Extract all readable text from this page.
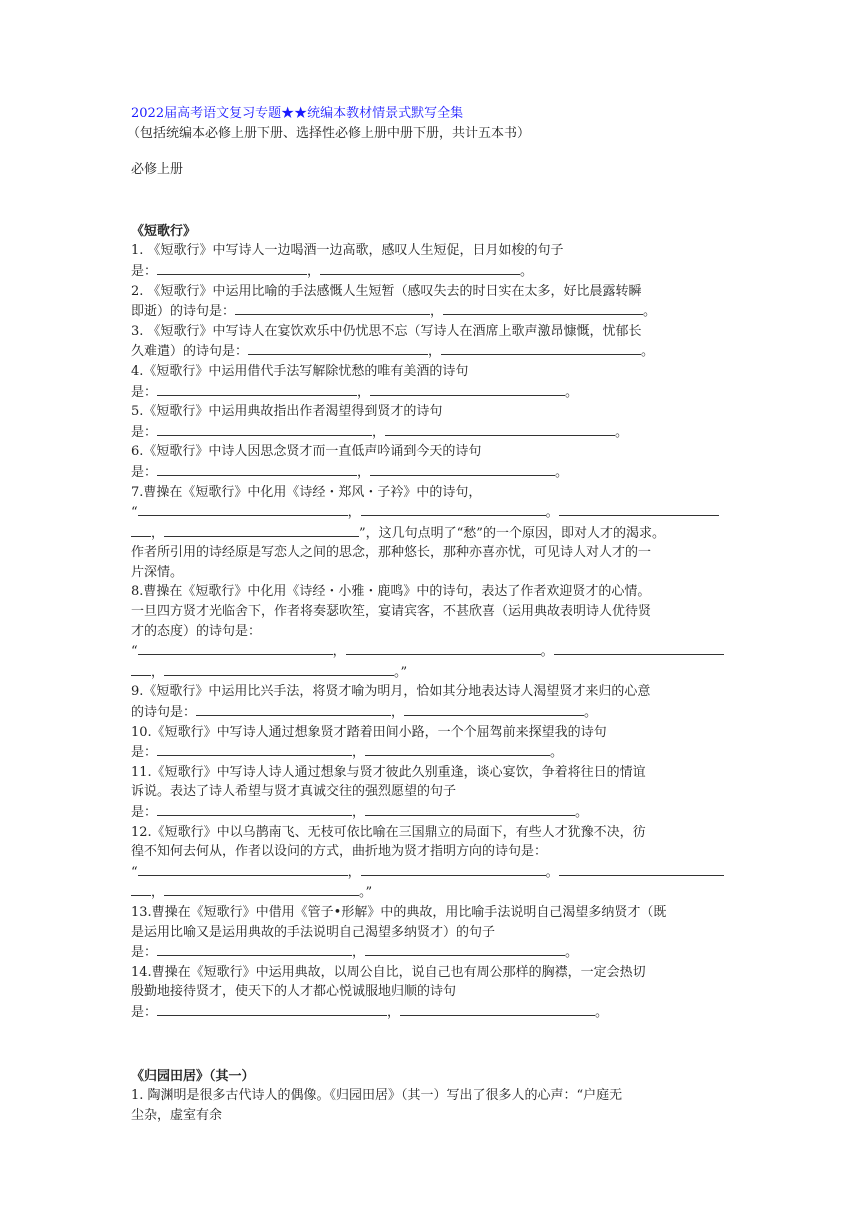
2022届高考语文复习专题★★统编本教材情景式默写全集
（包括统编本必修上册下册、选择性必修上册中册下册，共计五本书）
必修上册
《短歌行》
1. 《短歌行》中写诗人一边喝酒一边高歌，感叹人生短促，日月如梭的句子
是：	，	。
2. 《短歌行》中运用比喻的手法感慨人生短暂（感叹失去的时日实在太多，好比晨露转瞬
即逝）的诗句是：	，	。
3. 《短歌行》中写诗人在宴饮欢乐中仍忧思不忘（写诗人在酒席上歌声激昂慷慨，忧郁长
久难遣）的诗句是：	，	。
4.《短歌行》中运用借代手法写解除忧愁的唯有美酒的诗句
是：	，	。
5.《短歌行》中运用典故指出作者渴望得到贤才的诗句
是：	，	。
6.《短歌行》中诗人因思念贤才而一直低声吟诵到今天的诗句
是：	，	。
7.曹操在《短歌行》中化用《诗经・郑风・子衿》中的诗句，
“	，	。
，	”，这几句点明了“愁”的一个原因，即对人才的渴求。
作者所引用的诗经原是写恋人之间的思念，那种悠长，那种亦喜亦忧，可见诗人对人才的一
片深情。
8.曹操在《短歌行》中化用《诗经・小雅・鹿鸣》中的诗句，表达了作者欢迎贤才的心情。
一旦四方贤才光临舍下，作者将奏瑟吹笙，宴请宾客，不甚欣喜（运用典故表明诗人优待贤
才的态度）的诗句是：
“	，	。
，	。”
9.《短歌行》中运用比兴手法，将贤才喻为明月，恰如其分地表达诗人渴望贤才来归的心意
的诗句是：	，	。
10.《短歌行》中写诗人通过想象贤才踏着田间小路，一个个屈驾前来探望我的诗句
是：	，	。
11.《短歌行》中写诗人诗人通过想象与贤才彼此久别重逢，谈心宴饮，争着将往日的情谊
诉说。表达了诗人希望与贤才真诚交往的强烈愿望的句子
是：	，	。
12.《短歌行》中以乌鹊南飞、无枝可依比喻在三国鼎立的局面下，有些人才犹豫不决，彷
徨不知何去何从，作者以设问的方式，曲折地为贤才指明方向的诗句是：
“	，	。
，	。”
13.曹操在《短歌行》中借用《管子•形解》中的典故，用比喻手法说明自己渴望多纳贤才（既
是运用比喻又是运用典故的手法说明自己渴望多纳贤才）的句子
是：	，	。
14.曹操在《短歌行》中运用典故，以周公自比，说自己也有周公那样的胸襟，一定会热切
殷勤地接待贤才，使天下的人才都心悦诚服地归顺的诗句
是：	，	。
《归园田居》（其一）
1. 陶渊明是很多古代诗人的偶像。《归园田居》（其一）写出了很多人的心声：“户庭无
尘杂，虚室有余
